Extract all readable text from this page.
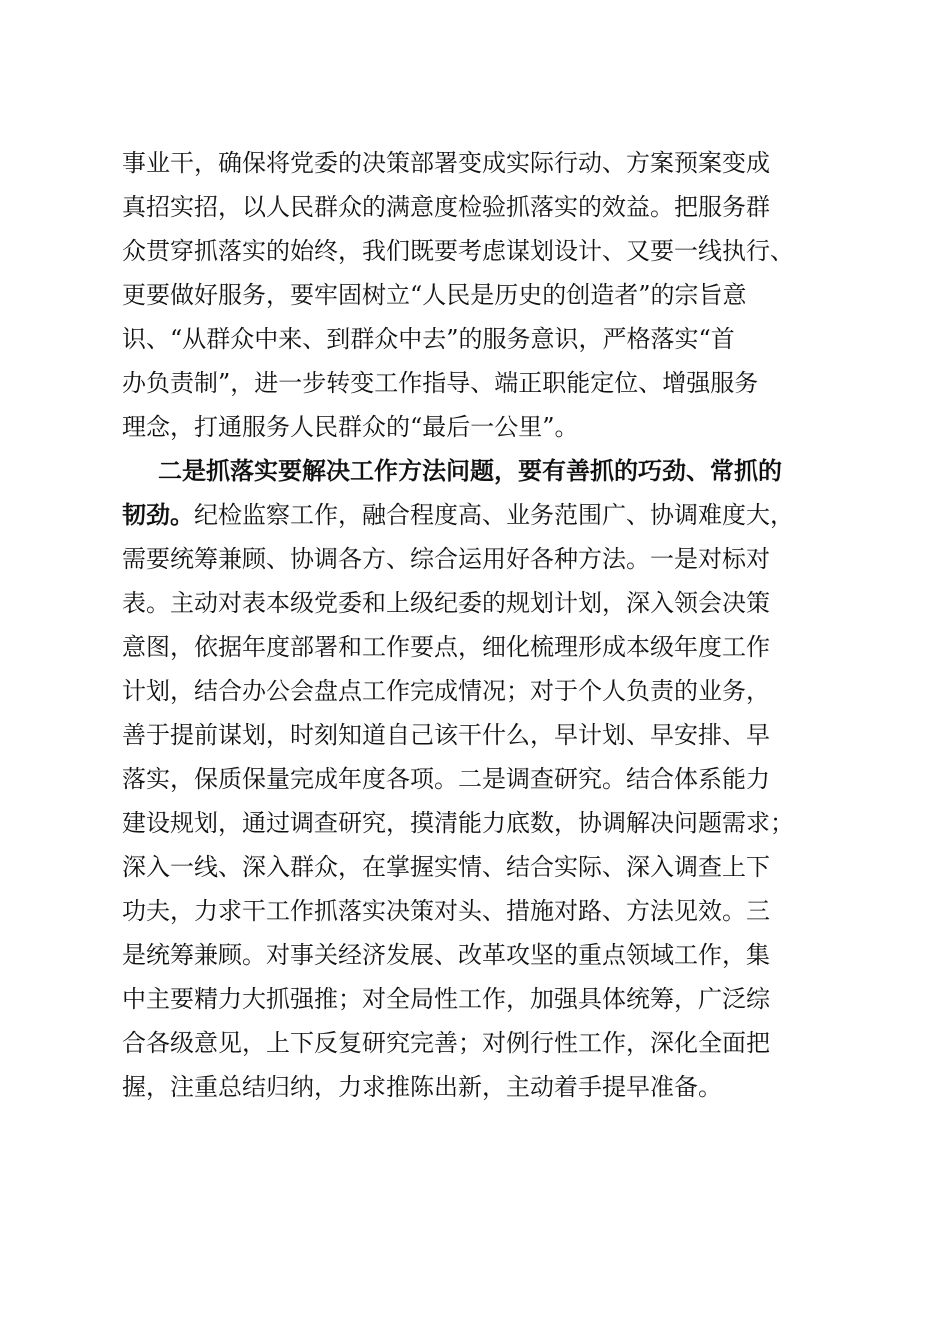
事业干，确保将党委的决策部署变成实际行动、方案预案变成
真招实招，以人民群众的满意度检验抓落实的效益。把服务群
众贯穿抓落实的始终，我们既要考虑谋划设计、又要一线执行、
更要做好服务，要牢固树立“人民是历史的创造者”的宗旨意
识、“从群众中来、到群众中去”的服务意识，严格落实“首
办负责制”，进一步转变工作指导、端正职能定位、增强服务
理念，打通服务人民群众的“最后一公里”。
二是抓落实要解决工作方法问题，要有善抓的巧劲、常抓的
韧劲。纪检监察工作，融合程度高、业务范围广、协调难度大，
需要统筹兼顾、协调各方、综合运用好各种方法。一是对标对
表。主动对表本级党委和上级纪委的规划计划，深入领会决策
意图，依据年度部署和工作要点，细化梳理形成本级年度工作
计划，结合办公会盘点工作完成情况；对于个人负责的业务，
善于提前谋划，时刻知道自己该干什么，早计划、早安排、早
落实，保质保量完成年度各项。二是调查研究。结合体系能力
建设规划，通过调查研究，摸清能力底数，协调解决问题需求；
深入一线、深入群众，在掌握实情、结合实际、深入调查上下
功夫，力求干工作抓落实决策对头、措施对路、方法见效。三
是统筹兼顾。对事关经济发展、改革攻坚的重点领域工作，集
中主要精力大抓强推；对全局性工作，加强具体统筹，广泛综
合各级意见，上下反复研究完善；对例行性工作，深化全面把
握，注重总结归纳，力求推陈出新，主动着手提早准备。
